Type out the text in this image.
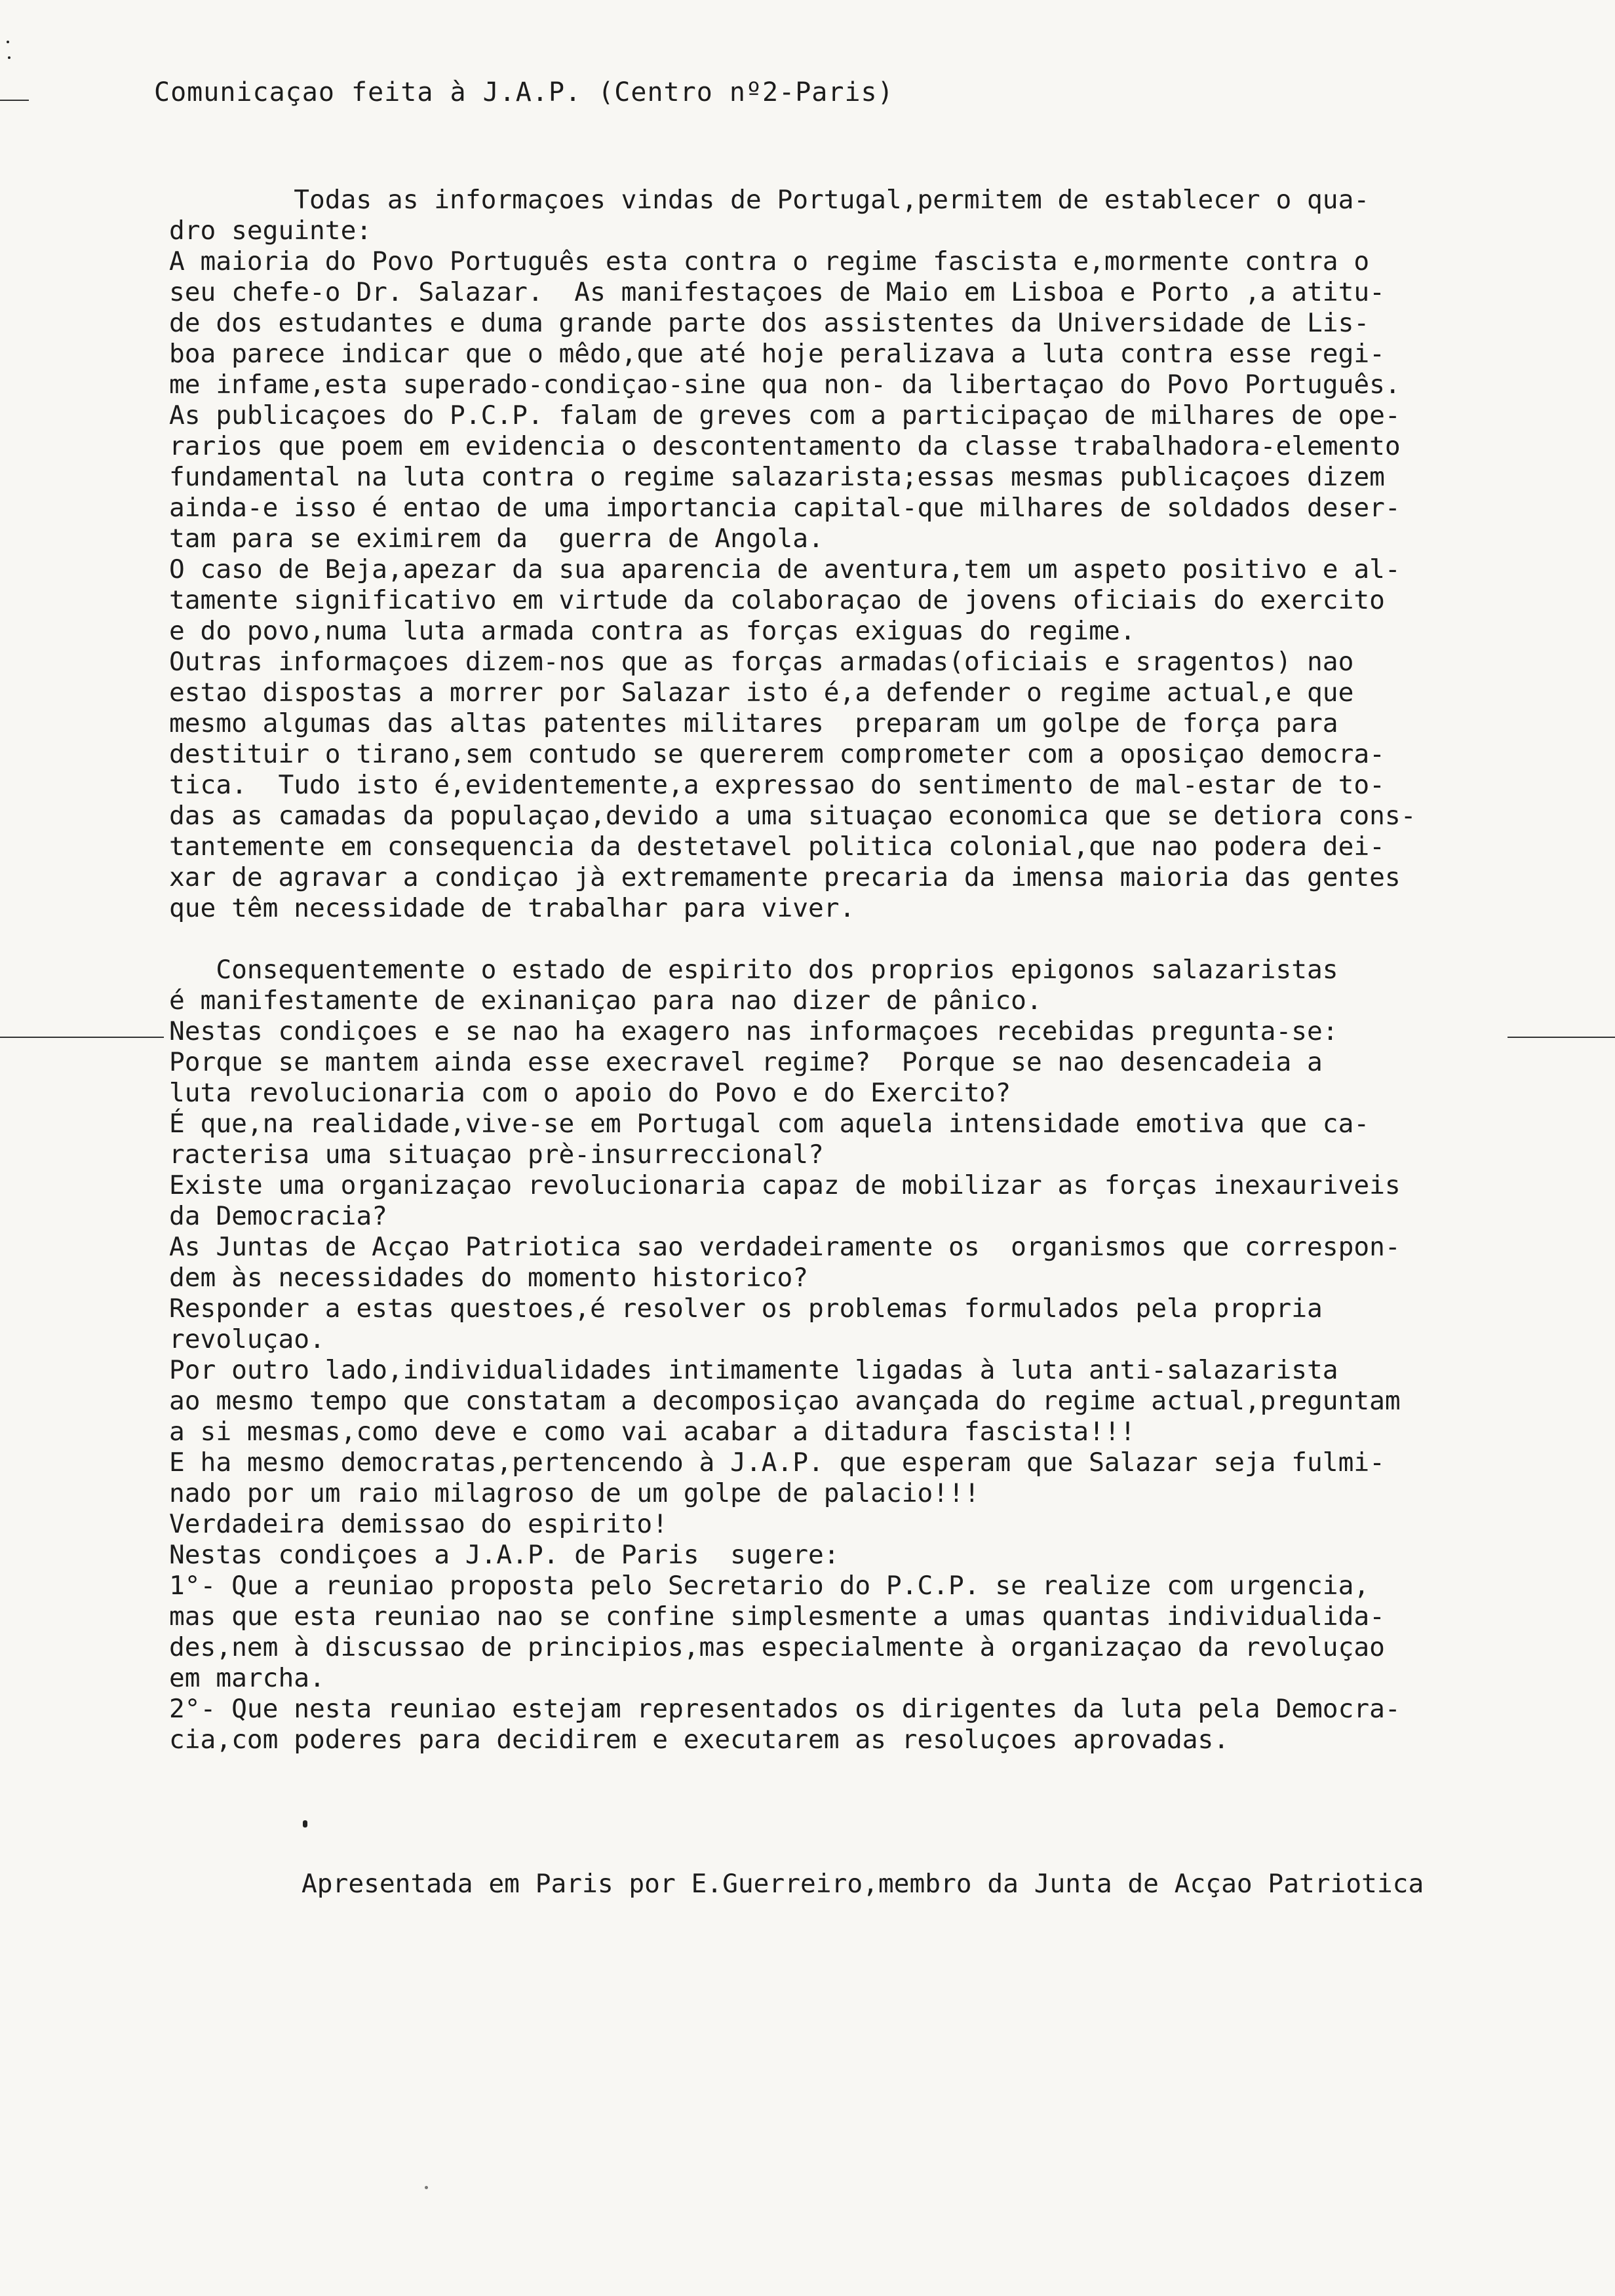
Comunicaçao feita à J.A.P. (Centro nº2-Paris)
Todas as informaçoes vindas de Portugal,permitem de establecer o qua-
dro seguinte:
A maioria do Povo Português esta contra o regime fascista e,mormente contra o
seu chefe-o Dr. Salazar.  As manifestaçoes de Maio em Lisboa e Porto ,a atitu-
de dos estudantes e duma grande parte dos assistentes da Universidade de Lis-
boa parece indicar que o mêdo,que até hoje peralizava a luta contra esse regi-
me infame,esta superado-condiçao-sine qua non- da libertaçao do Povo Português.
As publicaçoes do P.C.P. falam de greves com a participaçao de milhares de ope-
rarios que poem em evidencia o descontentamento da classe trabalhadora-elemento
fundamental na luta contra o regime salazarista;essas mesmas publicaçoes dizem
ainda-e isso é entao de uma importancia capital-que milhares de soldados deser-
tam para se eximirem da  guerra de Angola.
O caso de Beja,apezar da sua aparencia de aventura,tem um aspeto positivo e al-
tamente significativo em virtude da colaboraçao de jovens oficiais do exercito
e do povo,numa luta armada contra as forças exiguas do regime.
Outras informaçoes dizem-nos que as forças armadas(oficiais e sragentos) nao
estao dispostas a morrer por Salazar isto é,a defender o regime actual,e que
mesmo algumas das altas patentes militares  preparam um golpe de força para
destituir o tirano,sem contudo se quererem comprometer com a oposiçao democra-
tica.  Tudo isto é,evidentemente,a expressao do sentimento de mal-estar de to-
das as camadas da populaçao,devido a uma situaçao economica que se detiora cons-
tantemente em consequencia da destetavel politica colonial,que nao podera dei-
xar de agravar a condiçao jà extremamente precaria da imensa maioria das gentes
que têm necessidade de trabalhar para viver.
Consequentemente o estado de espirito dos proprios epigonos salazaristas
é manifestamente de exinaniçao para nao dizer de pânico.
Nestas condiçoes e se nao ha exagero nas informaçoes recebidas pregunta-se:
Porque se mantem ainda esse execravel regime?  Porque se nao desencadeia a
luta revolucionaria com o apoio do Povo e do Exercito?
É que,na realidade,vive-se em Portugal com aquela intensidade emotiva que ca-
racterisa uma situaçao prè-insurreccional?
Existe uma organizaçao revolucionaria capaz de mobilizar as forças inexauriveis
da Democracia?
As Juntas de Acçao Patriotica sao verdadeiramente os  organismos que correspon-
dem às necessidades do momento historico?
Responder a estas questoes,é resolver os problemas formulados pela propria
revoluçao.
Por outro lado,individualidades intimamente ligadas à luta anti-salazarista
ao mesmo tempo que constatam a decomposiçao avançada do regime actual,preguntam
a si mesmas,como deve e como vai acabar a ditadura fascista!!!
E ha mesmo democratas,pertencendo à J.A.P. que esperam que Salazar seja fulmi-
nado por um raio milagroso de um golpe de palacio!!!
Verdadeira demissao do espirito!
Nestas condiçoes a J.A.P. de Paris  sugere:
1°- Que a reuniao proposta pelo Secretario do P.C.P. se realize com urgencia,
mas que esta reuniao nao se confine simplesmente a umas quantas individualida-
des,nem à discussao de principios,mas especialmente à organizaçao da revoluçao
em marcha.
2°- Que nesta reuniao estejam representados os dirigentes da luta pela Democra-
cia,com poderes para decidirem e executarem as resoluçoes aprovadas.
Apresentada em Paris por E.Guerreiro,membro da Junta de Acçao Patriotica
